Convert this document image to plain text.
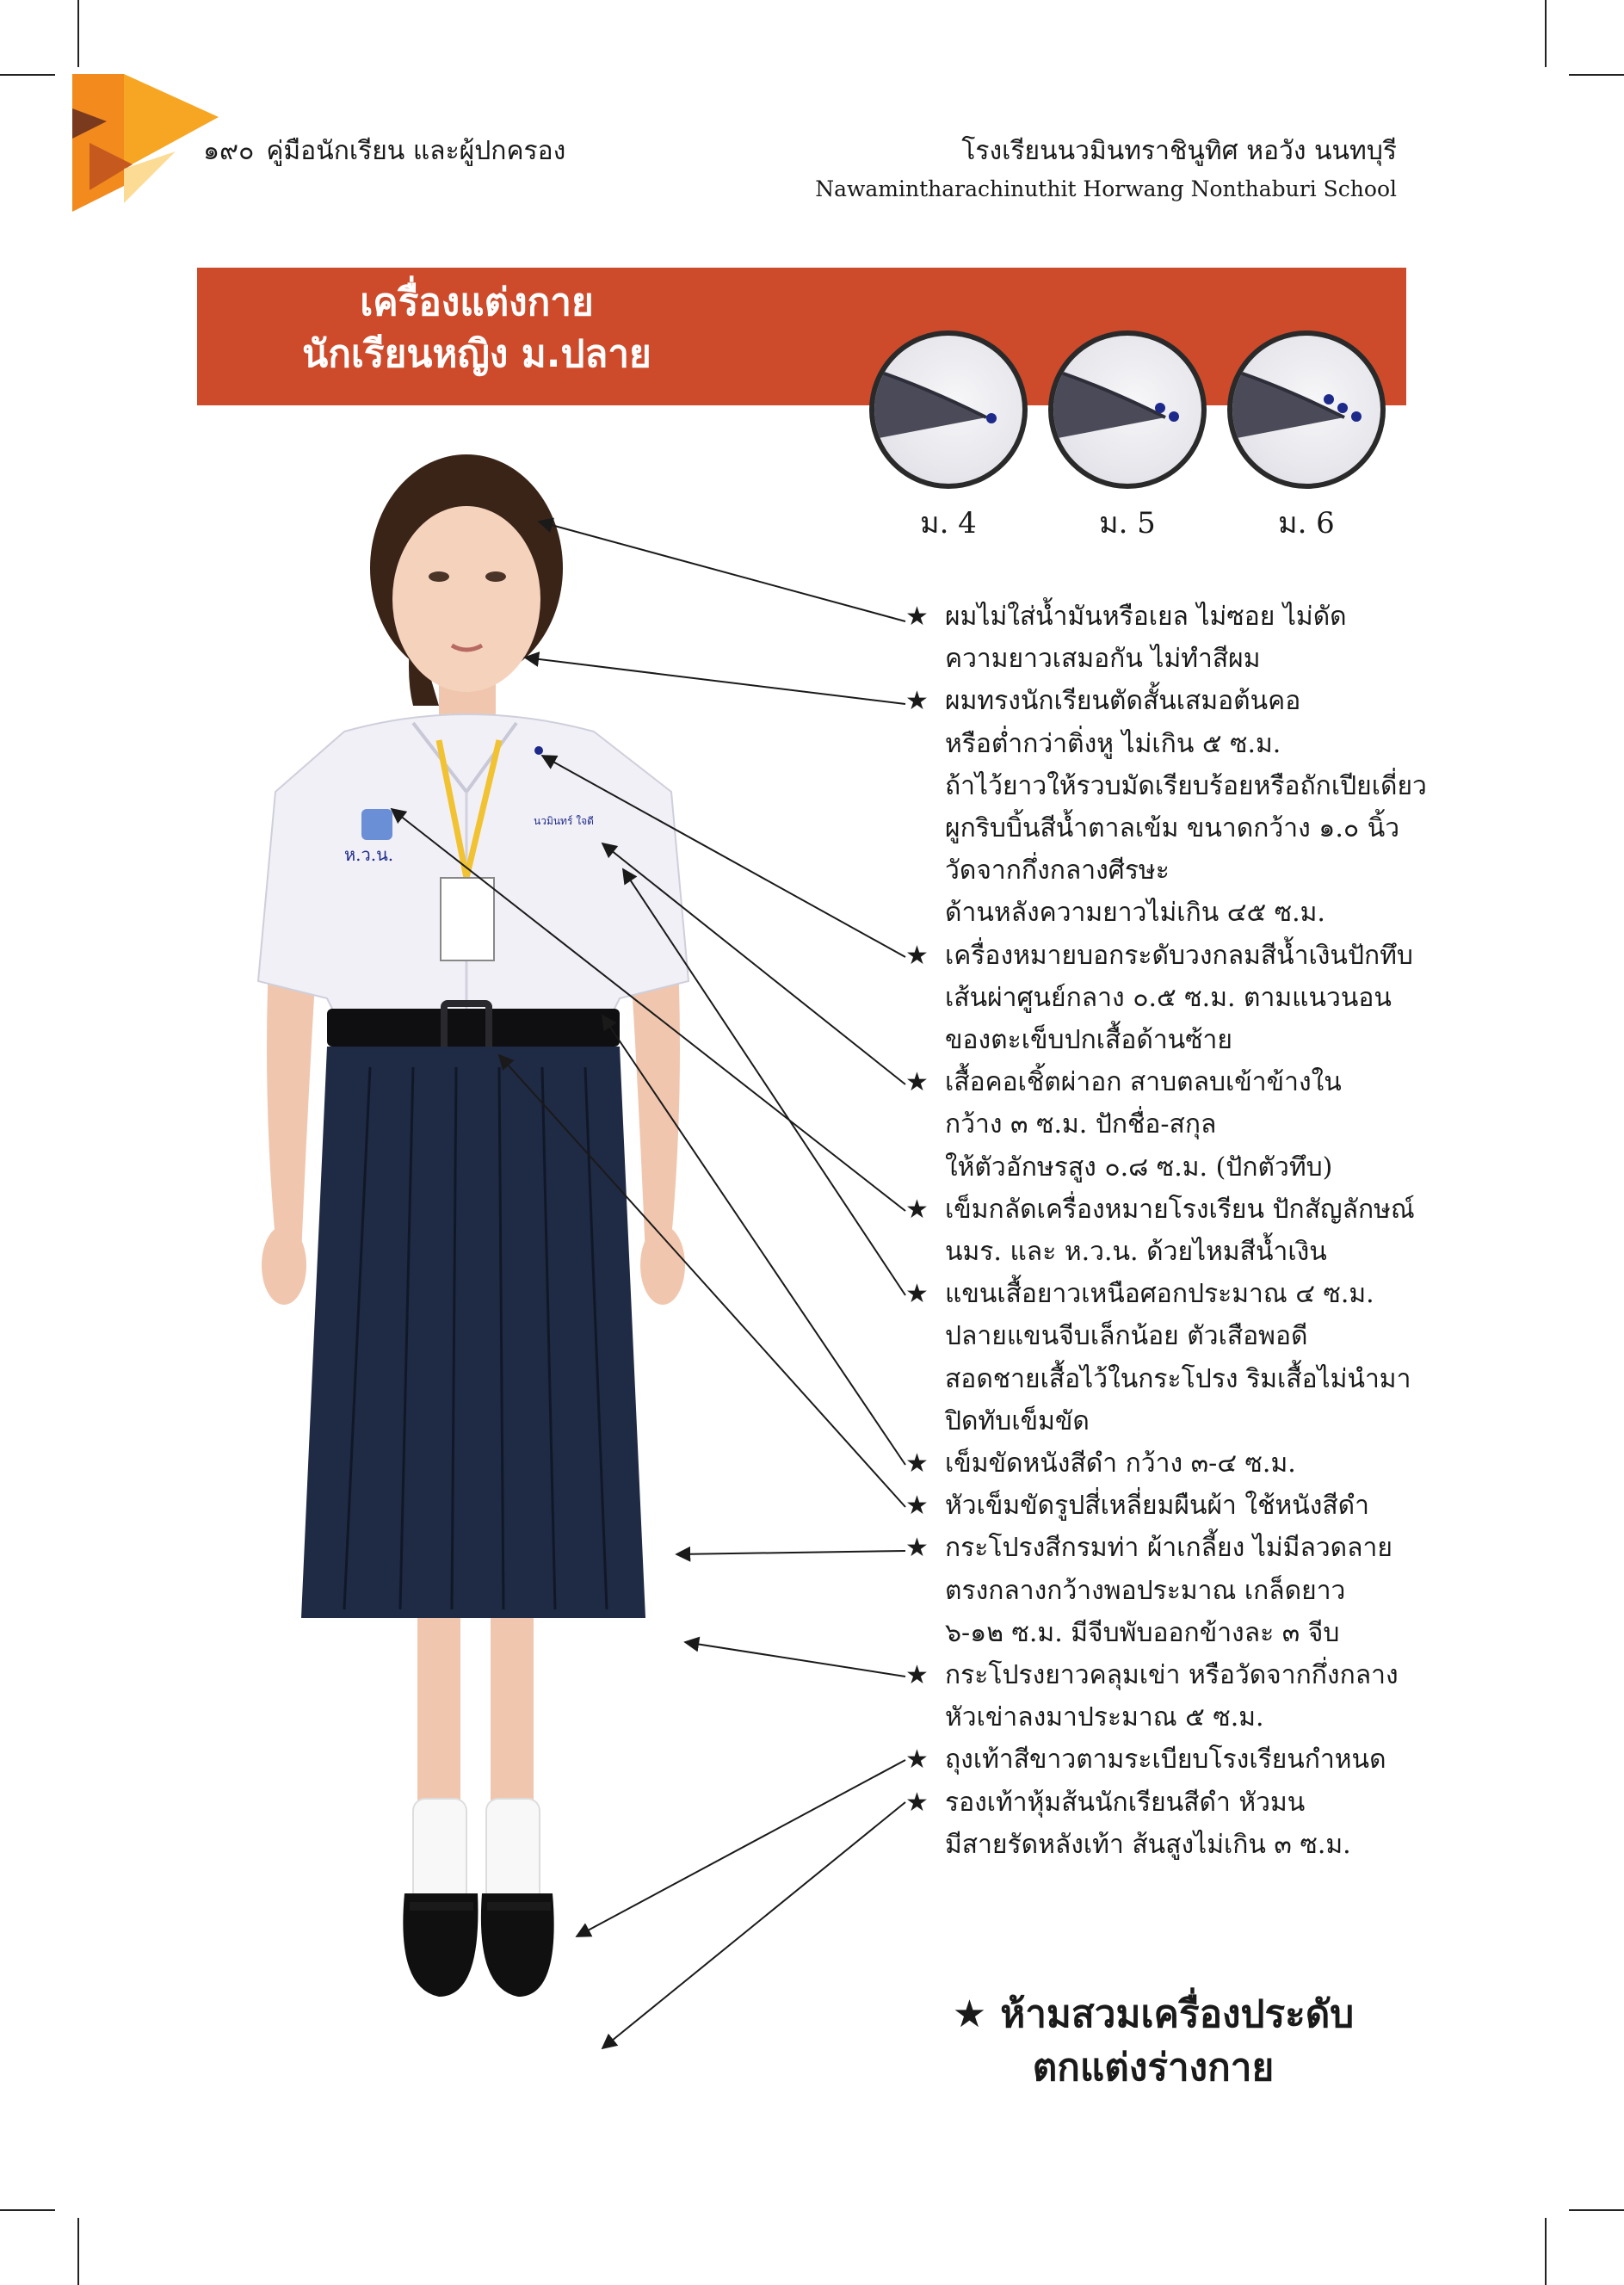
๑๙๐ คู่มือนักเรียน และผู้ปกครอง	โรงเรียนนวมินทราชินูทิศ หอวัง นนทบุรี
Nawamintharachinuthit Horwang Nonthaburi School
เครื่องแต่งกาย
นักเรียนหญิง ม.ปลาย
ม. 4	ม. 5	ม. 6
ห.ว.น.
นวมินทร์ ใจดี
★ ผมไม่ใส่น้ำมันหรือเยล ไม่ซอย ไม่ดัด
ความยาวเสมอกัน ไม่ทำสีผม
★ ผมทรงนักเรียนตัดสั้นเสมอต้นคอ
หรือต่ำกว่าติ่งหู ไม่เกิน ๕ ซ.ม.
ถ้าไว้ยาวให้รวบมัดเรียบร้อยหรือถักเปียเดี่ยว
ผูกริบบิ้นสีน้ำตาลเข้ม ขนาดกว้าง ๑.๐ นิ้ว
วัดจากกึ่งกลางศีรษะ
ด้านหลังความยาวไม่เกิน ๔๕ ซ.ม.
★ เครื่องหมายบอกระดับวงกลมสีน้ำเงินปักทึบ
เส้นผ่าศูนย์กลาง ๐.๕ ซ.ม. ตามแนวนอน
ของตะเข็บปกเสื้อด้านซ้าย
★ เสื้อคอเชิ้ตผ่าอก สาบตลบเข้าข้างใน
กว้าง ๓ ซ.ม. ปักชื่อ-สกุล
ให้ตัวอักษรสูง ๐.๘ ซ.ม. (ปักตัวทึบ)
★ เข็มกลัดเครื่องหมายโรงเรียน ปักสัญลักษณ์
นมร. และ ห.ว.น. ด้วยไหมสีน้ำเงิน
★ แขนเสื้อยาวเหนือศอกประมาณ ๔ ซ.ม.
ปลายแขนจีบเล็กน้อย ตัวเสือพอดี
สอดชายเสื้อไว้ในกระโปรง ริมเสื้อไม่นำมา
ปิดทับเข็มขัด
★ เข็มขัดหนังสีดำ กว้าง ๓-๔ ซ.ม.
★ หัวเข็มขัดรูปสี่เหลี่ยมผืนผ้า ใช้หนังสีดำ
★ กระโปรงสีกรมท่า ผ้าเกลี้ยง ไม่มีลวดลาย
ตรงกลางกว้างพอประมาณ เกล็ดยาว
๖-๑๒ ซ.ม. มีจีบพับออกข้างละ ๓ จีบ
★ กระโปรงยาวคลุมเข่า หรือวัดจากกึ่งกลาง
หัวเข่าลงมาประมาณ ๕ ซ.ม.
★ ถุงเท้าสีขาวตามระเบียบโรงเรียนกำหนด
★ รองเท้าหุ้มส้นนักเรียนสีดำ หัวมน
มีสายรัดหลังเท้า ส้นสูงไม่เกิน ๓ ซ.ม.
★ ห้ามสวมเครื่องประดับ
ตกแต่งร่างกาย
